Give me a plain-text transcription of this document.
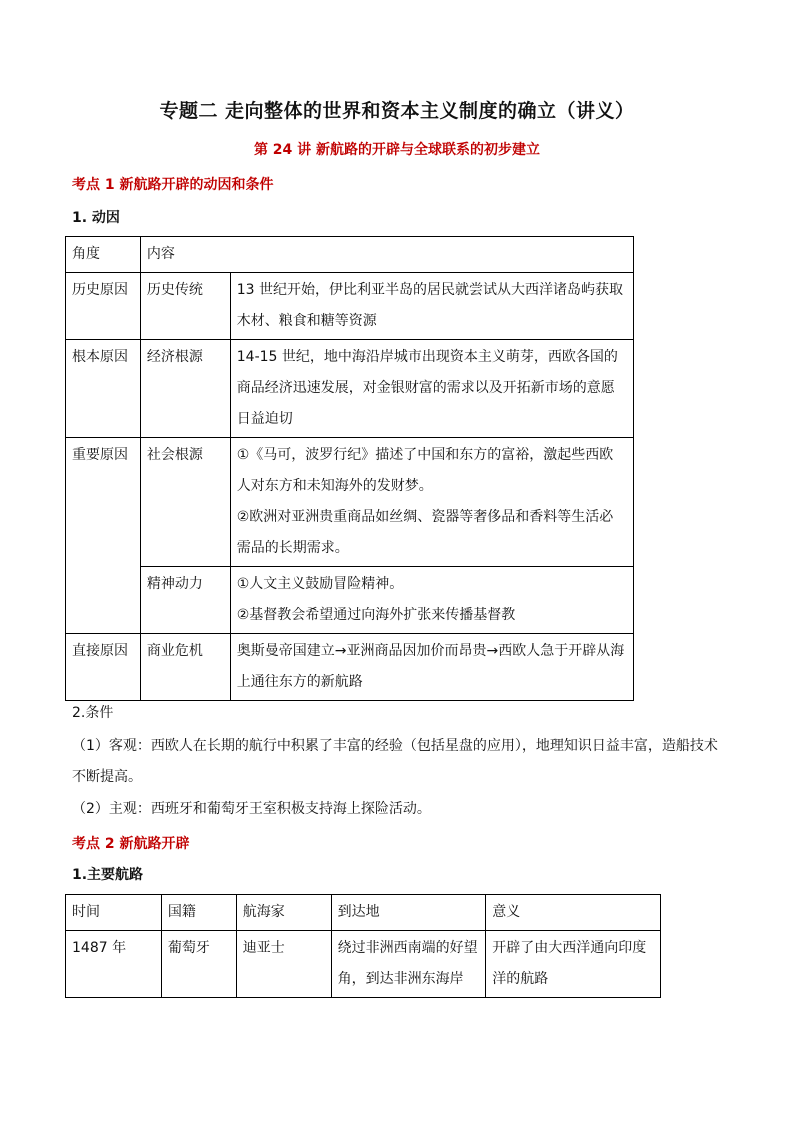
专题二 走向整体的世界和资本主义制度的确立（讲义）
第 24 讲 新航路的开辟与全球联系的初步建立
考点 1 新航路开辟的动因和条件
1. 动因
角度	内容	
历史原因	历史传统	13 世纪开始，伊比利亚半岛的居民就尝试从大西洋诸岛屿获取木材、粮食和糖等资源
根本原因	经济根源	14-15 世纪，地中海沿岸城市出现资本主义萌芽，西欧各国的商品经济迅速发展，对金银财富的需求以及开拓新市场的意愿日益迫切
重要原因	社会根源	①《马可，波罗行纪》描述了中国和东方的富裕，激起些西欧人对东方和未知海外的发财梦。
②欧洲对亚洲贵重商品如丝绸、瓷器等奢侈品和香料等生活必需品的长期需求。

	精神动力	①人文主义鼓励冒险精神。
②基督教会希望通过向海外扩张来传播基督教

直接原因	商业危机	奥斯曼帝国建立→亚洲商品因加价而昂贵→西欧人急于开辟从海上通往东方的新航路
2.条件
（1）客观：西欧人在长期的航行中积累了丰富的经验（包括星盘的应用），地理知识日益丰富，造船技术不断提高。
（2）主观：西班牙和葡萄牙王室积极支持海上探险活动。
考点 2 新航路开辟
1.主要航路
时间	国籍	航海家	到达地	意义
1487 年	葡萄牙	迪亚士	绕过非洲西南端的好望角，到达非洲东海岸	开辟了由大西洋通向印度洋的航路
